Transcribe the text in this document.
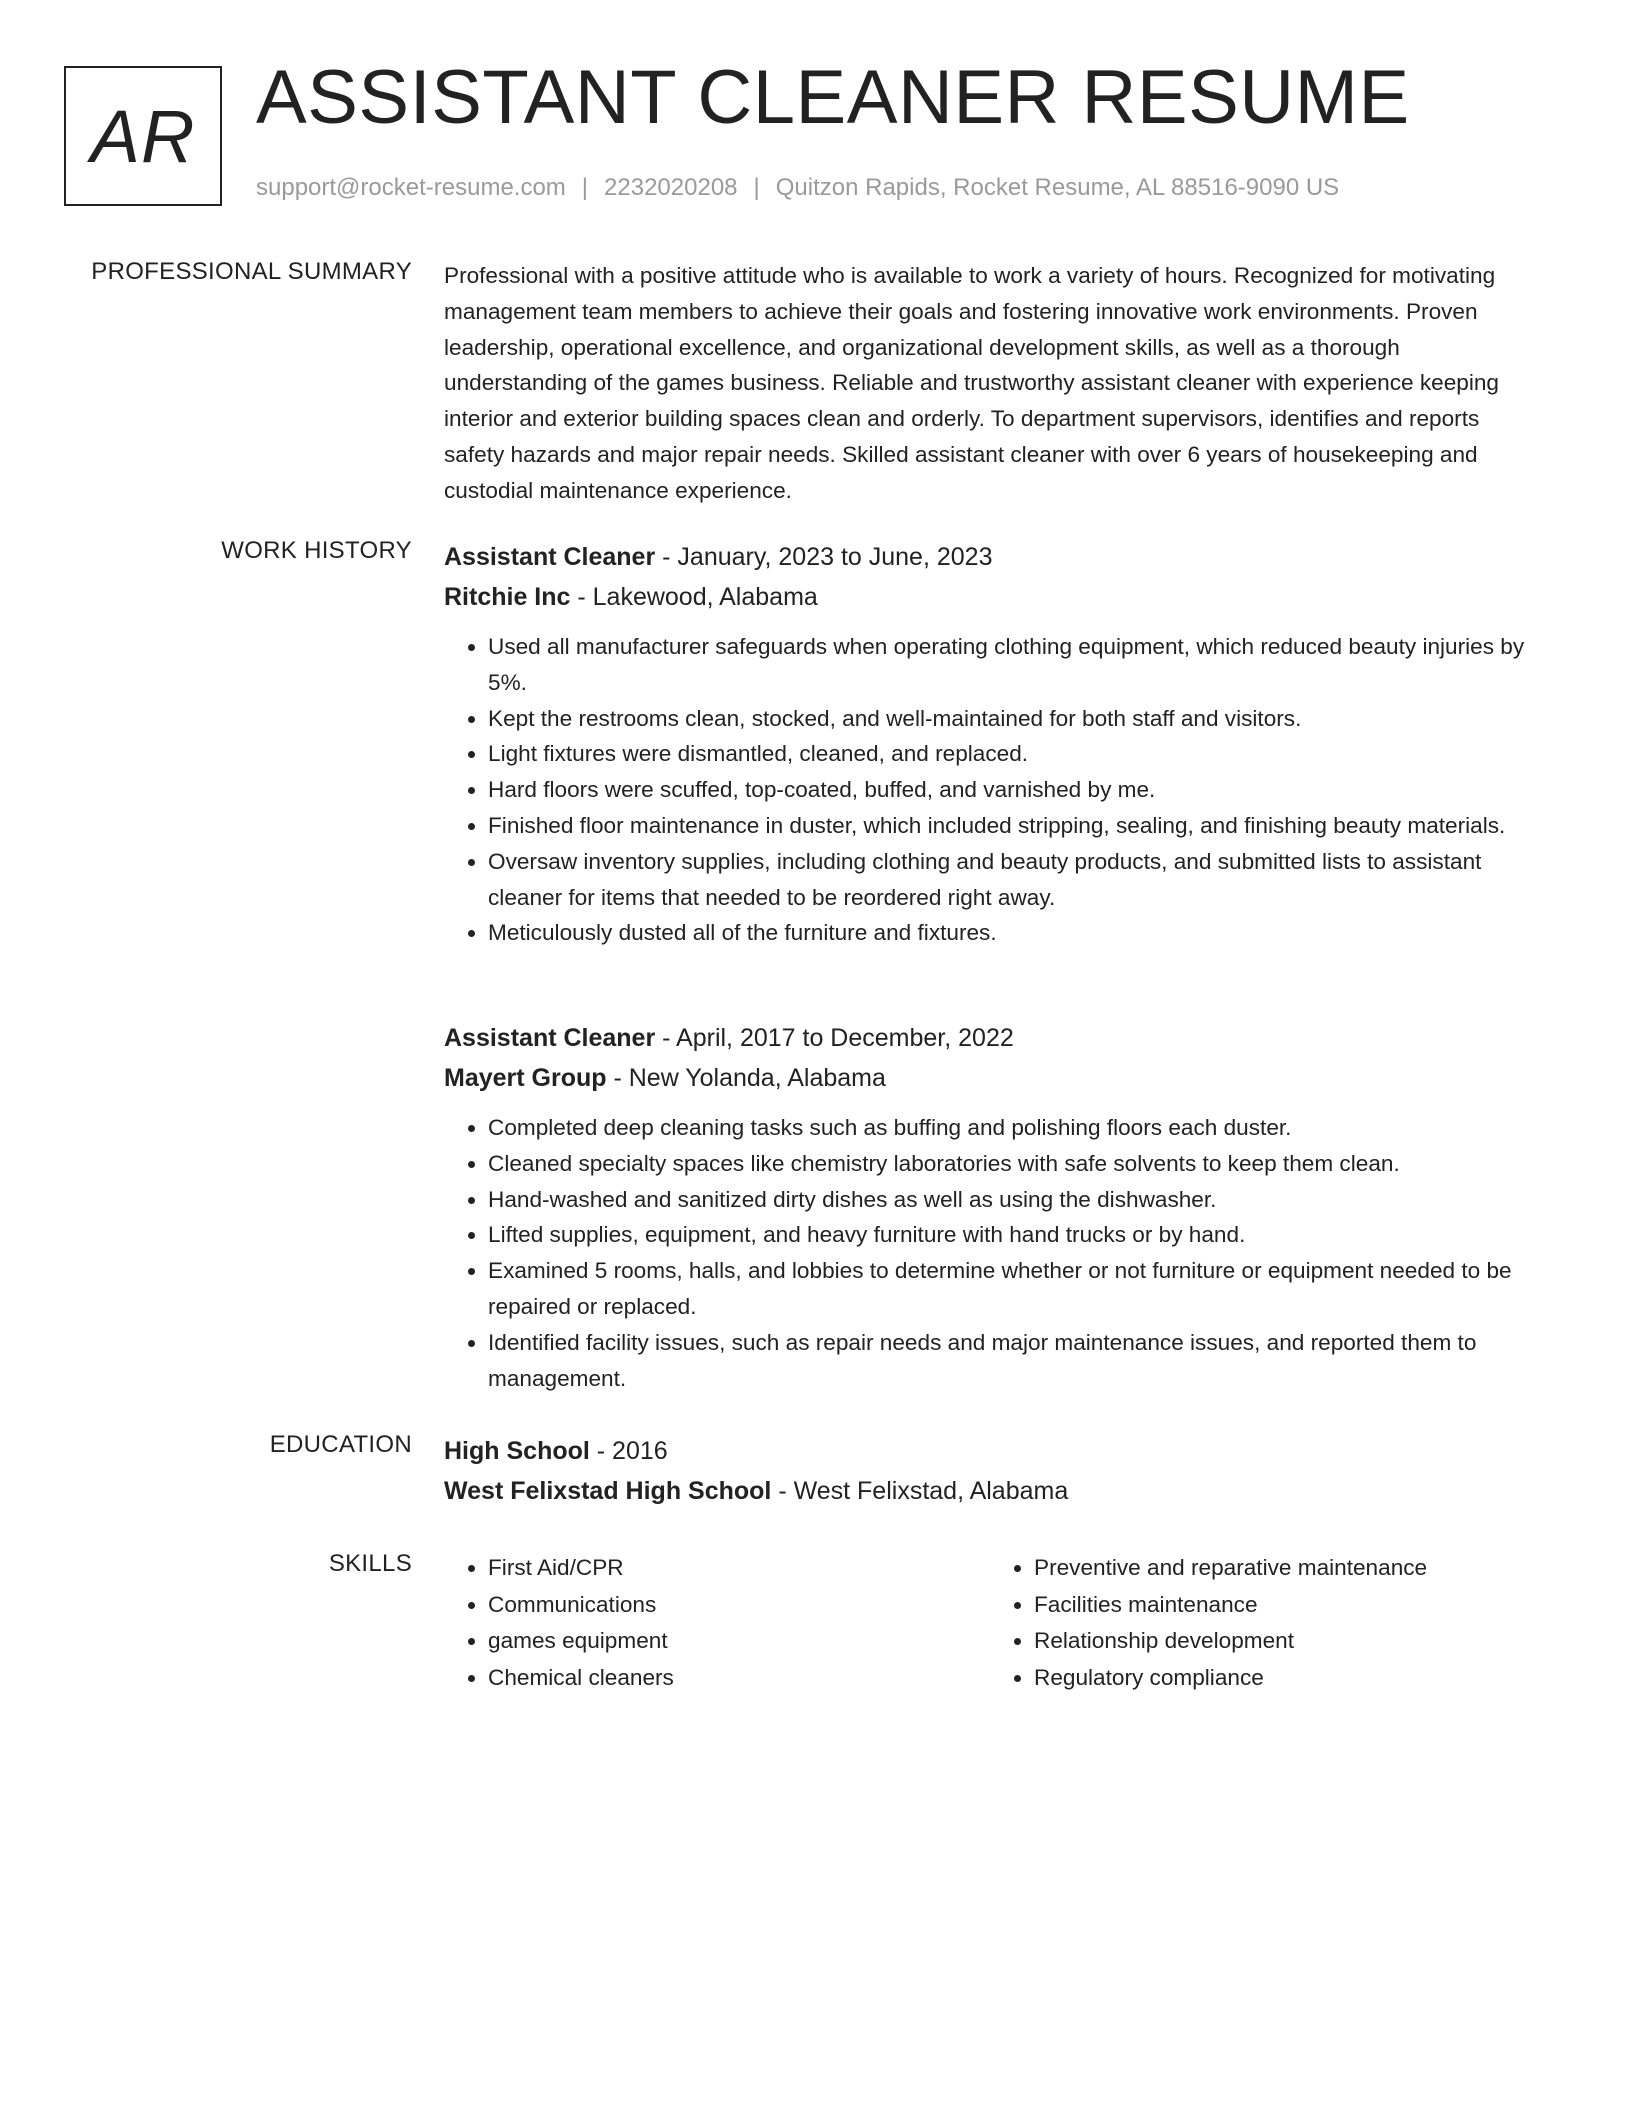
AR ASSISTANT CLEANER RESUME
support@rocket-resume.com | 2232020208 | Quitzon Rapids, Rocket Resume, AL 88516-9090 US
PROFESSIONAL SUMMARY Professional with a positive attitude who is available to work a variety of hours. Recognized for motivating management team members to achieve their goals and fostering innovative work environments. Proven leadership, operational excellence, and organizational development skills, as well as a thorough understanding of the games business. Reliable and trustworthy assistant cleaner with experience keeping interior and exterior building spaces clean and orderly. To department supervisors, identifies and reports safety hazards and major repair needs. Skilled assistant cleaner with over 6 years of housekeeping and custodial maintenance experience.

WORK HISTORY Assistant Cleaner - January, 2023 to June, 2023
Ritchie Inc - Lakewood, Alabama
• Used all manufacturer safeguards when operating clothing equipment, which reduced beauty injuries by 5%.
• Kept the restrooms clean, stocked, and well-maintained for both staff and visitors.
• Light fixtures were dismantled, cleaned, and replaced.
• Hard floors were scuffed, top-coated, buffed, and varnished by me.
• Finished floor maintenance in duster, which included stripping, sealing, and finishing beauty materials.
• Oversaw inventory supplies, including clothing and beauty products, and submitted lists to assistant cleaner for items that needed to be reordered right away.
• Meticulously dusted all of the furniture and fixtures.
Assistant Cleaner - April, 2017 to December, 2022
Mayert Group - New Yolanda, Alabama
• Completed deep cleaning tasks such as buffing and polishing floors each duster.
• Cleaned specialty spaces like chemistry laboratories with safe solvents to keep them clean.
• Hand-washed and sanitized dirty dishes as well as using the dishwasher.
• Lifted supplies, equipment, and heavy furniture with hand trucks or by hand.
• Examined 5 rooms, halls, and lobbies to determine whether or not furniture or equipment needed to be repaired or replaced.
• Identified facility issues, such as repair needs and major maintenance issues, and reported them to management.
EDUCATION High School - 2016
West Felixstad High School - West Felixstad, Alabama
SKILLS
•	First Aid/CPR
• Communications
• games equipment
• Chemical cleaners
• Preventive and reparative maintenance
• Facilities maintenance
• Relationship development
• Regulatory compliance
